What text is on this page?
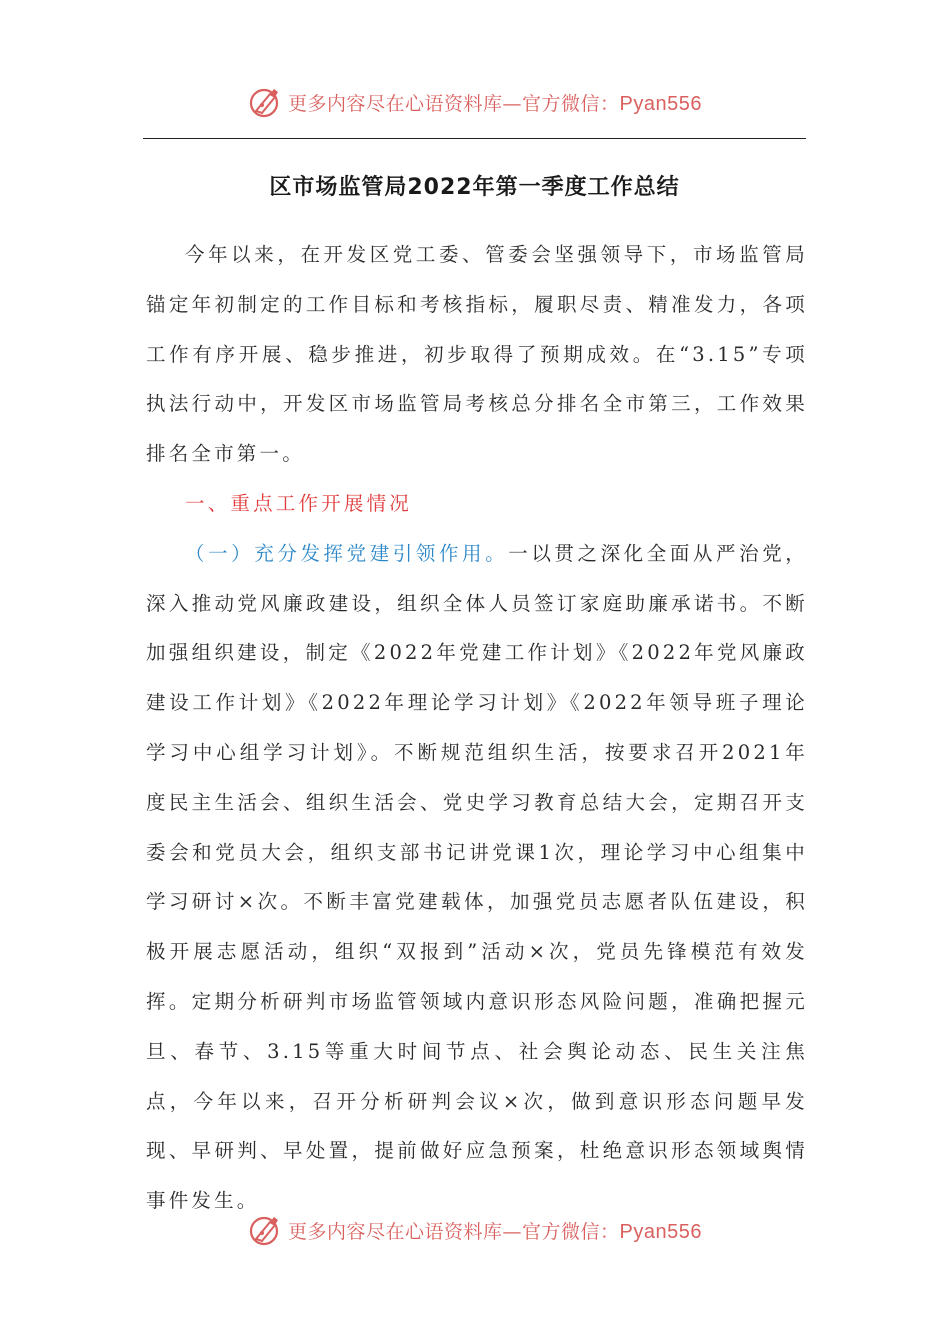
更多内容尽在心语资料库—官方微信：Pyan556
区市场监管局2022年第一季度工作总结

今年以来，在开发区党工委、管委会坚强领导下，市场监管局锚定年初制定的工作目标和考核指标，履职尽责、精准发力，各项工作有序开展、稳步推进，初步取得了预期成效。在“3.15”专项执法行动中，开发区市场监管局考核总分排名全市第三，工作效果排名全市第一。

一、重点工作开展情况

（一）充分发挥党建引领作用。一以贯之深化全面从严治党，深入推动党风廉政建设，组织全体人员签订家庭助廉承诺书。不断加强组织建设，制定《2022年党建工作计划》《2022年党风廉政建设工作计划》《2022年理论学习计划》《2022年领导班子理论学习中心组学习计划》。不断规范组织生活，按要求召开2021年度民主生活会、组织生活会、党史学习教育总结大会，定期召开支委会和党员大会，组织支部书记讲党课1次，理论学习中心组集中学习研讨×次。不断丰富党建载体，加强党员志愿者队伍建设，积极开展志愿活动，组织“双报到”活动×次，党员先锋模范有效发挥。定期分析研判市场监管领域内意识形态风险问题，准确把握元旦、春节、3.15等重大时间节点、社会舆论动态、民生关注焦点，今年以来，召开分析研判会议×次，做到意识形态问题早发现、早研判、早处置，提前做好应急预案，杜绝意识形态领域舆情事件发生。

更多内容尽在心语资料库—官方微信：Pyan556
